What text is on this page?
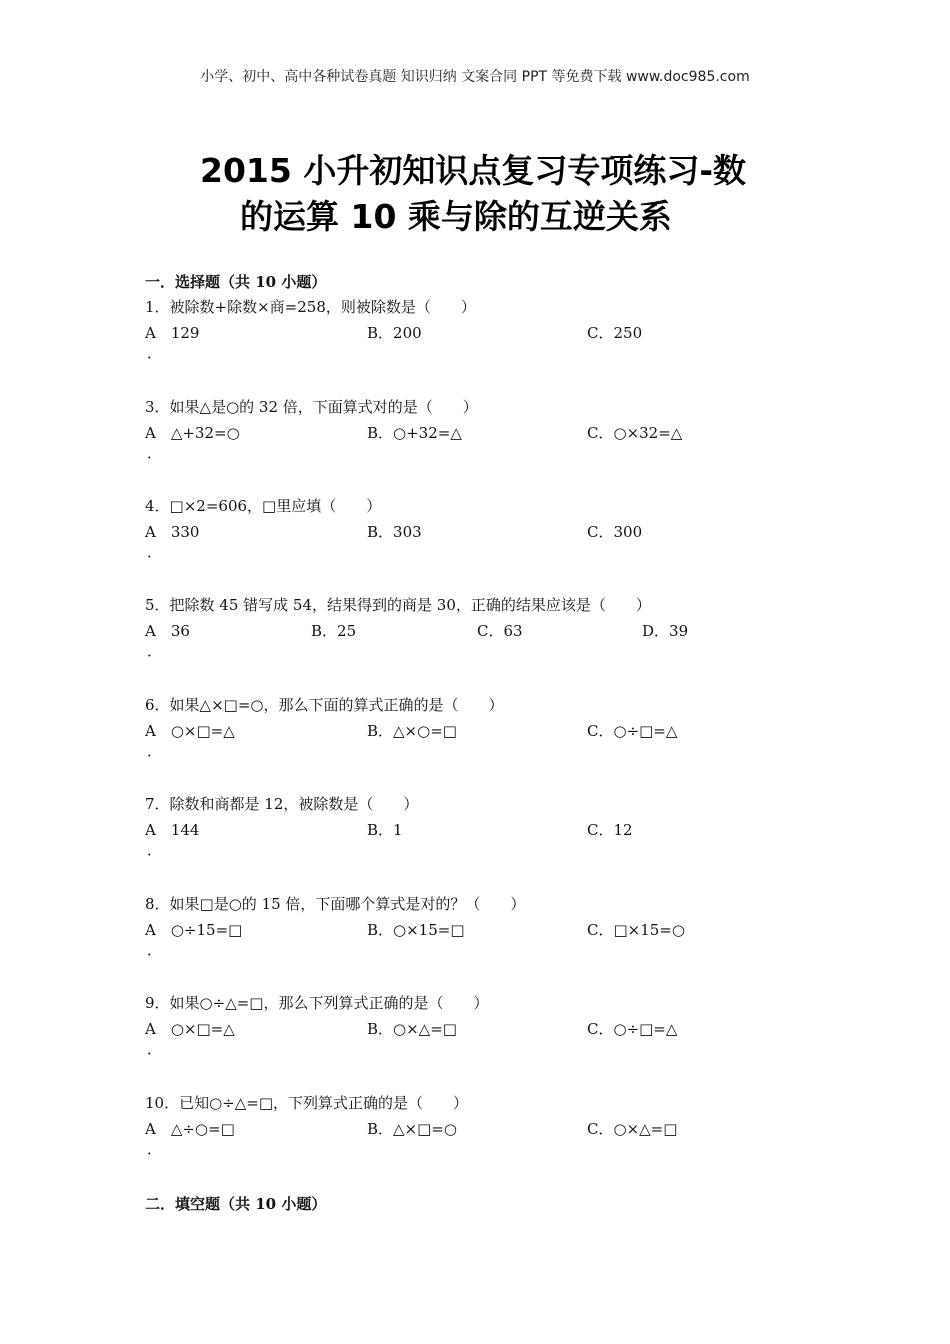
小学、初中、高中各种试卷真题 知识归纳 文案合同 PPT 等免费下载 www.doc985.com
2015 小升初知识点复习专项练习-数
的运算 10 乘与除的互逆关系
一．选择题（共 10 小题）
1．被除数+除数×商=258，则被除数是（　　）
A　129	B．200	C．250
．
3．如果△是○的 32 倍，下面算式对的是（　　）
A　△+32=○	B．○+32=△	C．○×32=△
．
4．□×2=606，□里应填（　　）
A　330	B．303	C．300
．
5．把除数 45 错写成 54，结果得到的商是 30，正确的结果应该是（　　）
A　36	B．25	C．63	D．39
．
6．如果△×□=○，那么下面的算式正确的是（　　）
A　○×□=△	B．△×○=□	C．○÷□=△
．
7．除数和商都是 12，被除数是（　　）
A　144	B．1	C．12
．
8．如果□是○的 15 倍，下面哪个算式是对的？（　　）
A　○÷15=□	B．○×15=□	C．□×15=○
．
9．如果○÷△=□，那么下列算式正确的是（　　）
A　○×□=△	B．○×△=□	C．○÷□=△
．
10．已知○÷△=□，下列算式正确的是（　　）
A　△÷○=□	B．△×□=○	C．○×△=□
．
二．填空题（共 10 小题）
